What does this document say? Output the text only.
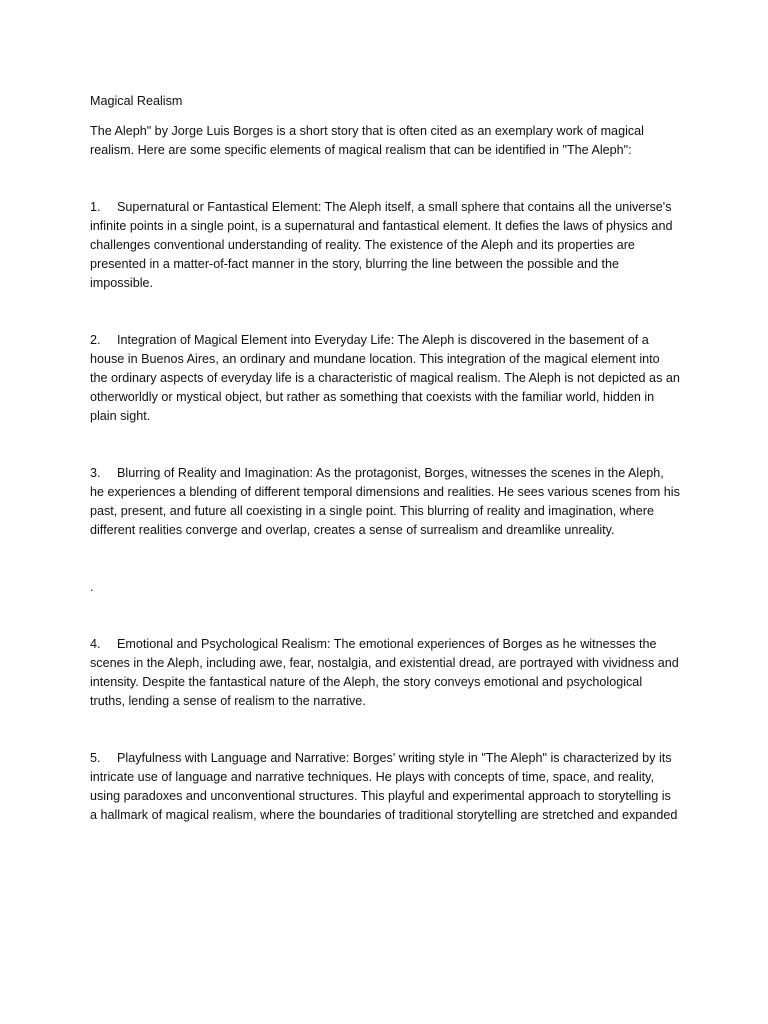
Magical Realism

The Aleph" by Jorge Luis Borges is a short story that is often cited as an exemplary work of magical realism. Here are some specific elements of magical realism that can be identified in "The Aleph":

1. Supernatural or Fantastical Element: The Aleph itself, a small sphere that contains all the universe's infinite points in a single point, is a supernatural and fantastical element. It defies the laws of physics and challenges conventional understanding of reality. The existence of the Aleph and its properties are presented in a matter-of-fact manner in the story, blurring the line between the possible and the impossible.
2. Integration of Magical Element into Everyday Life: The Aleph is discovered in the basement of a house in Buenos Aires, an ordinary and mundane location. This integration of the magical element into the ordinary aspects of everyday life is a characteristic of magical realism. The Aleph is not depicted as an otherworldly or mystical object, but rather as something that coexists with the familiar world, hidden in plain sight.
3. Blurring of Reality and Imagination: As the protagonist, Borges, witnesses the scenes in the Aleph, he experiences a blending of different temporal dimensions and realities. He sees various scenes from his past, present, and future all coexisting in a single point. This blurring of reality and imagination, where different realities converge and overlap, creates a sense of surrealism and dreamlike unreality.
.
4. Emotional and Psychological Realism: The emotional experiences of Borges as he witnesses the scenes in the Aleph, including awe, fear, nostalgia, and existential dread, are portrayed with vividness and intensity. Despite the fantastical nature of the Aleph, the story conveys emotional and psychological truths, lending a sense of realism to the narrative.
5. Playfulness with Language and Narrative: Borges' writing style in "The Aleph" is characterized by its intricate use of language and narrative techniques. He plays with concepts of time, space, and reality, using paradoxes and unconventional structures. This playful and experimental approach to storytelling is a hallmark of magical realism, where the boundaries of traditional storytelling are stretched and expanded
